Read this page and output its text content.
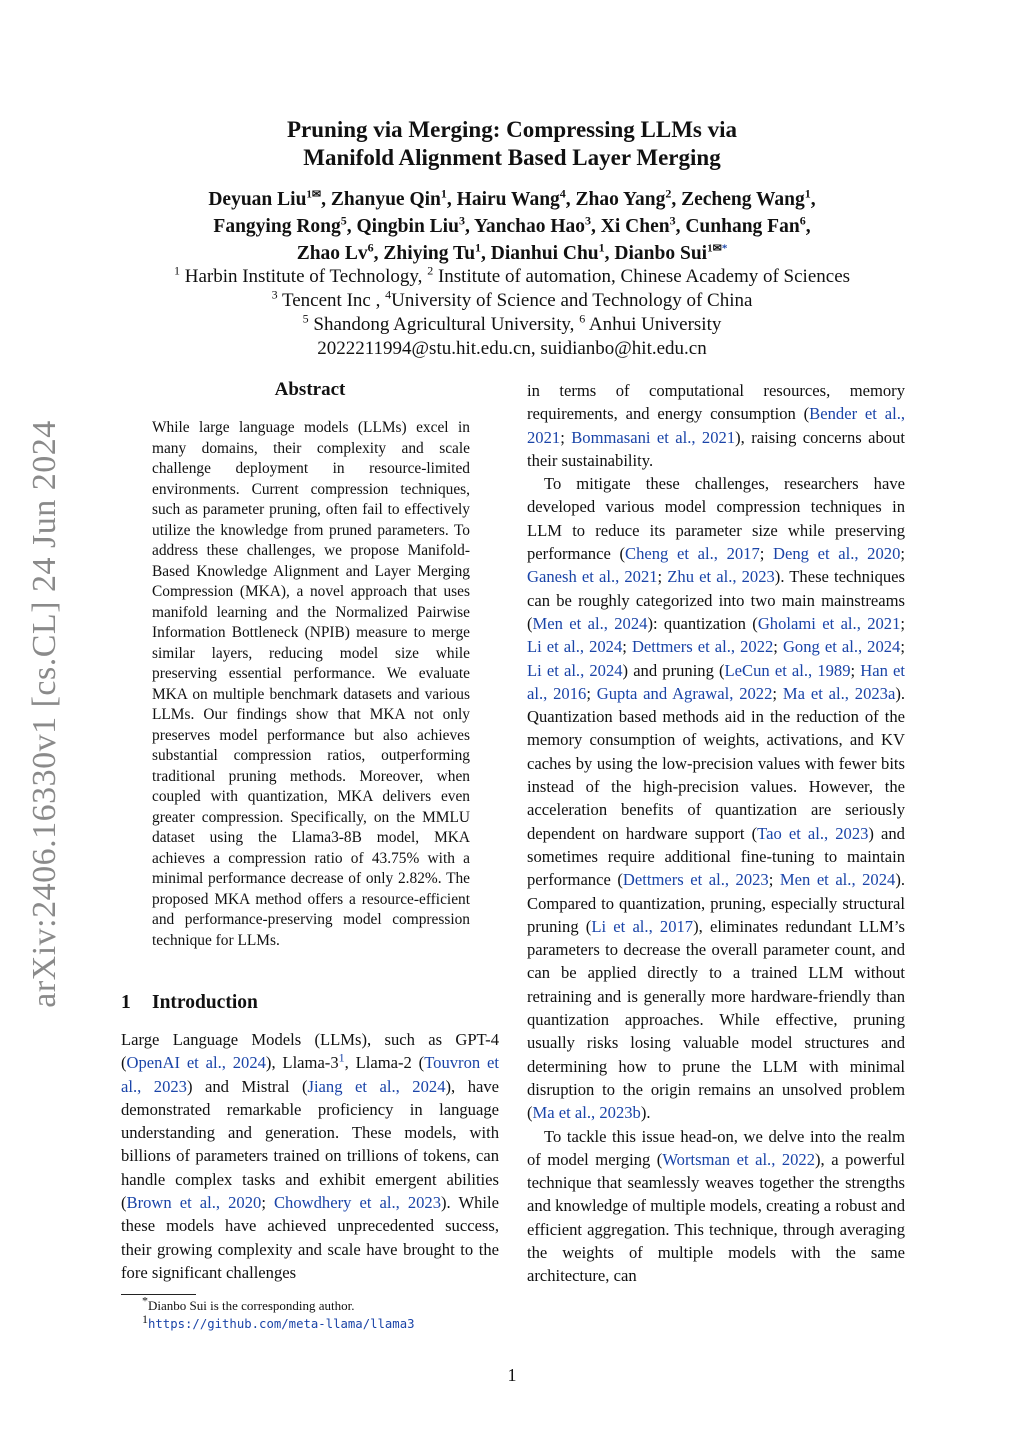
arXiv:2406.16330v1 [cs.CL] 24 Jun 2024
Pruning via Merging: Compressing LLMs via
Manifold Alignment Based Layer Merging
Deyuan Liu$^{1✉}$, Zhanyue Qin$^1$, Hairu Wang$^4$, Zhao Yang$^2$, Zecheng Wang$^1$,
Fangying Rong$^5$, Qingbin Liu$^3$, Yanchao Hao$^3$, Xi Chen$^3$, Cunhang Fan$^6$,
Zhao Lv$^6$, Zhiying Tu$^1$, Dianhui Chu$^1$, Dianbo Sui$^{1✉*}$
$^1$ Harbin Institute of Technology, $^2$ Institute of automation, Chinese Academy of Sciences
$^3$ Tencent Inc , $^4$University of Science and Technology of China
$^5$ Shandong Agricultural University, $^6$ Anhui University
2022211994@stu.hit.edu.cn, suidianbo@hit.edu.cn
Abstract
While large language models (LLMs) excel in many domains, their complexity and scale challenge deployment in resource-limited environments. Current compression techniques, such as parameter pruning, often fail to effectively utilize the knowledge from pruned parameters. To address these challenges, we propose Manifold-Based Knowledge Alignment and Layer Merging Compression (MKA), a novel approach that uses manifold learning and the Normalized Pairwise Information Bottleneck (NPIB) measure to merge similar layers, reducing model size while preserving essential performance. We evaluate MKA on multiple benchmark datasets and various LLMs. Our findings show that MKA not only preserves model performance but also achieves substantial compression ratios, outperforming traditional pruning methods. Moreover, when coupled with quantization, MKA delivers even greater compression. Specifically, on the MMLU dataset using the Llama3-8B model, MKA achieves a compression ratio of 43.75% with a minimal performance decrease of only 2.82%. The proposed MKA method offers a resource-efficient and performance-preserving model compression technique for LLMs.
1 Introduction

Large Language Models (LLMs), such as GPT-4 (OpenAI et al., 2024), Llama-3$^1$, Llama-2 (Touvron et al., 2023) and Mistral (Jiang et al., 2024), have demonstrated remarkable proficiency in language understanding and generation. These models, with billions of parameters trained on trillions of tokens, can handle complex tasks and exhibit emergent abilities (Brown et al., 2020; Chowdhery et al., 2023). While these models have achieved unprecedented success, their growing complexity and scale have brought to the fore significant challenges

in terms of computational resources, memory requirements, and energy consumption (Bender et al., 2021; Bommasani et al., 2021), raising concerns about their sustainability.

To mitigate these challenges, researchers have developed various model compression techniques in LLM to reduce its parameter size while preserving performance (Cheng et al., 2017; Deng et al., 2020; Ganesh et al., 2021; Zhu et al., 2023). These techniques can be roughly categorized into two main mainstreams (Men et al., 2024): quantization (Gholami et al., 2021; Li et al., 2024; Dettmers et al., 2022; Gong et al., 2024; Li et al., 2024) and pruning (LeCun et al., 1989; Han et al., 2016; Gupta and Agrawal, 2022; Ma et al., 2023a). Quantization based methods aid in the reduction of the memory consumption of weights, activations, and KV caches by using the low-precision values with fewer bits instead of the high-precision values. However, the acceleration benefits of quantization are seriously dependent on hardware support (Tao et al., 2023) and sometimes require additional fine-tuning to maintain performance (Dettmers et al., 2023; Men et al., 2024). Compared to quantization, pruning, especially structural pruning (Li et al., 2017), eliminates redundant LLM’s parameters to decrease the overall parameter count, and can be applied directly to a trained LLM without retraining and is generally more hardware-friendly than quantization approaches. While effective, pruning usually risks losing valuable model structures and determining how to prune the LLM with minimal disruption to the origin remains an unsolved problem (Ma et al., 2023b).

To tackle this issue head-on, we delve into the realm of model merging (Wortsman et al., 2022), a powerful technique that seamlessly weaves together the strengths and knowledge of multiple models, creating a robust and efficient aggregation. This technique, through averaging the weights of multiple models with the same architecture, can

*Dianbo Sui is the corresponding author.
$^1$https://github.com/meta-llama/llama3
1
